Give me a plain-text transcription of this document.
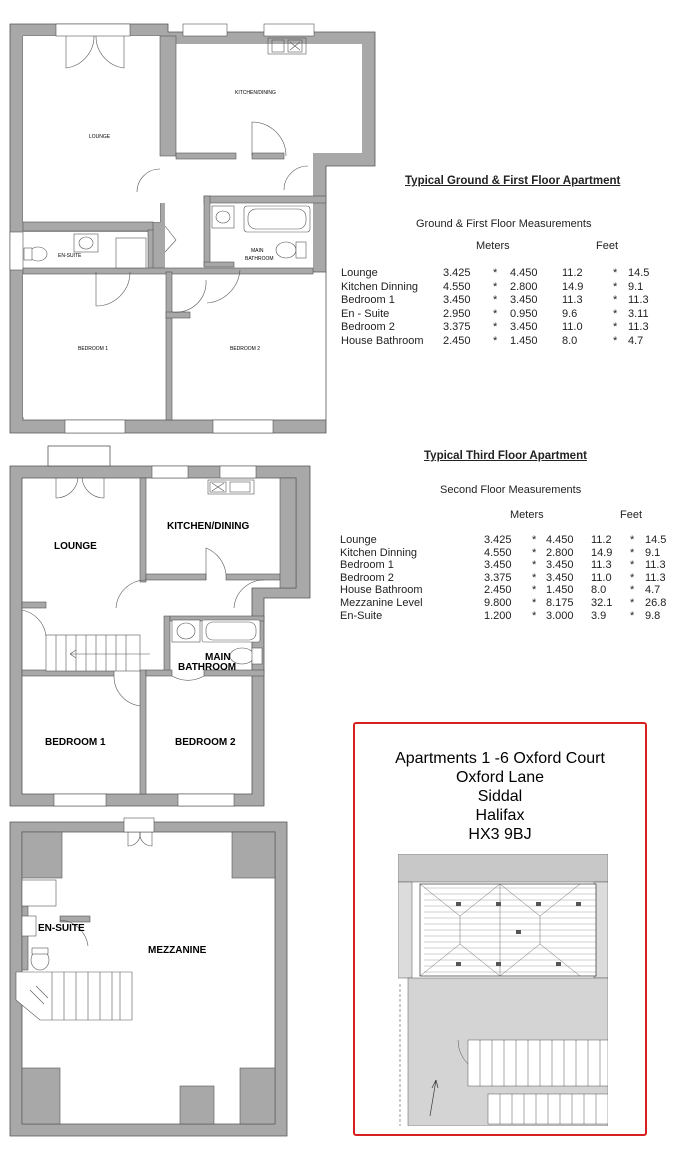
LOUNGE
KITCHEN/DINING
EN-SUITE
MAIN
BATHROOM
BEDROOM 1	BEDROOM 2
LOUNGE
KITCHEN/DINING
MAIN
BATHROOM
BEDROOM 1	BEDROOM 2
EN-SUITE
MEZZANINE
Typical Ground & First Floor Apartment
Ground & First Floor Measurements
Meters	Feet
Lounge	3.425 * 4.450 11.2	* 14.5
Kitchen Dinning 4.550 * 2.800 14.9	* 9.1
Bedroom 1	3.450 * 3.450 11.3	* 11.3
En - Suite	2.950 * 0.950 9.6	* 3.11
Bedroom 2	3.375 * 3.450 11.0	* 11.3
House Bathroom 2.450 * 1.450 8.0	* 4.7
Typical Third Floor Apartment
Second Floor Measurements
Meters	Feet
Lounge	3.425 * 4.450 11.2 * 14.5
Kitchen Dinning	4.550 * 2.800 14.9 * 9.1
Bedroom 1	3.450 * 3.450 11.3 * 11.3
Bedroom 2	3.375 * 3.450 11.0 * 11.3
House Bathroom	2.450 * 1.450 8.0 * 4.7
Mezzanine Level	9.800 * 8.175 32.1 * 26.8
En-Suite	1.200 * 3.000 3.9 * 9.8
Apartments 1 -6 Oxford Court
Oxford Lane
Siddal
Halifax
HX3 9BJ
